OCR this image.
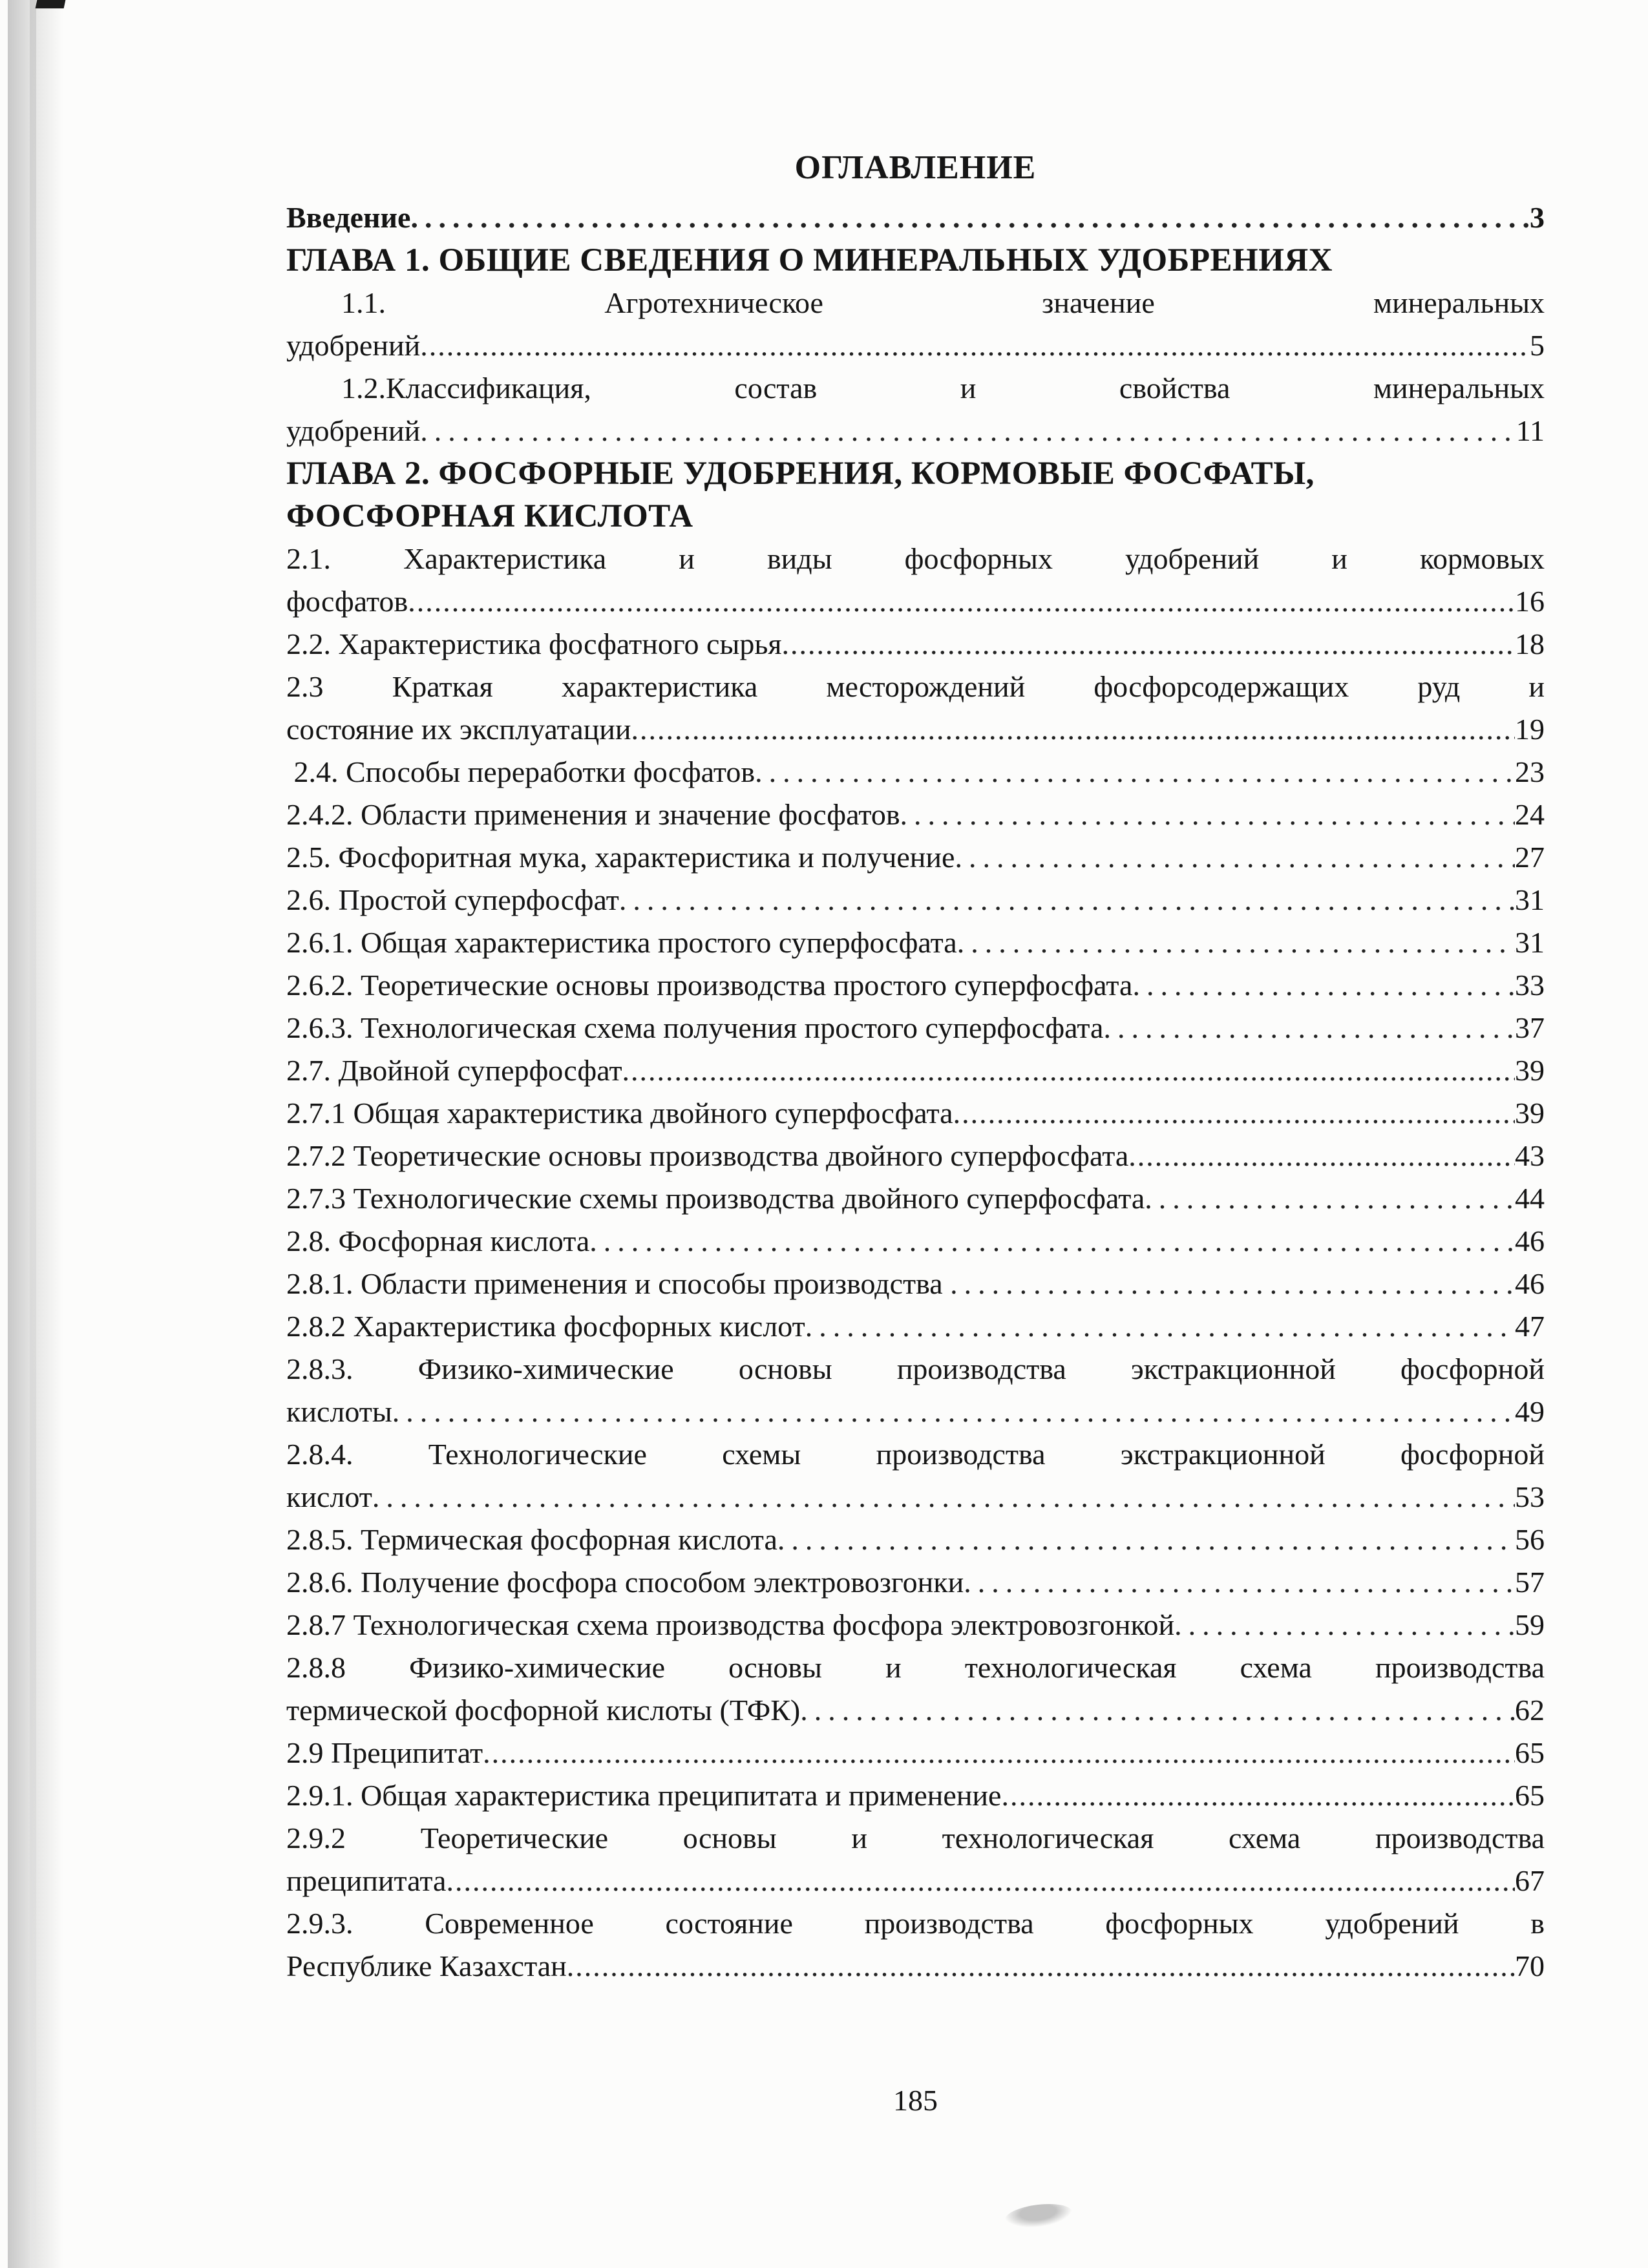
ОГЛАВЛЕНИЕ
Введение .....	3
ГЛАВА 1. ОБЩИЕ СВЕДЕНИЯ О МИНЕРАЛЬНЫХ УДОБРЕНИЯХ
1.1. Агротехническое значение минеральных
удобрений .....	5
1.2.Классификация, состав и свойства минеральных
удобрений .....	11
ГЛАВА 2. ФОСФОРНЫЕ УДОБРЕНИЯ, КОРМОВЫЕ ФОСФАТЫ,
ФОСФОРНАЯ КИСЛОТА
2.1. Характеристика и виды фосфорных удобрений и кормовых
фосфатов .....	16
2.2. Характеристика фосфатного сырья .....	18
2.3 Краткая характеристика месторождений фосфорсодержащих руд и
состояние их эксплуатации .....	19
2.4. Способы переработки фосфатов .....	23
2.4.2. Области применения и значение фосфатов .....	24
2.5. Фосфоритная мука, характеристика и получение .....	27
2.6. Простой суперфосфат .....	31
2.6.1. Общая характеристика простого суперфосфата .....	31
2.6.2. Теоретические основы производства простого суперфосфата .....	33
2.6.3. Технологическая схема получения простого суперфосфата .....	37
2.7. Двойной суперфосфат .....	39
2.7.1 Общая характеристика двойного суперфосфата .....	39
2.7.2 Теоретические основы производства двойного суперфосфата .....	43
2.7.3 Технологические схемы производства двойного суперфосфата .....	44
2.8. Фосфорная кислота .....	46
2.8.1. Области применения и способы производства .....	46
2.8.2 Характеристика фосфорных кислот .....	47
2.8.3. Физико-химические основы производства экстракционной фосфорной
кислоты .....	49
2.8.4. Технологические схемы производства экстракционной фосфорной
кислот .....	53
2.8.5. Термическая фосфорная кислота .....	56
2.8.6. Получение фосфора способом электровозгонки .....	57
2.8.7 Технологическая схема производства фосфора электровозгонкой .....	59
2.8.8 Физико-химические основы и технологическая схема производства
термической фосфорной кислоты (ТФК) .....	62
2.9 Преципитат .....	65
2.9.1. Общая характеристика преципитата и применение .....	65
2.9.2 Теоретические основы и технологическая схема производства
преципитата .....	67
2.9.3. Современное состояние производства фосфорных удобрений в
Республике Казахстан .....	70
185
